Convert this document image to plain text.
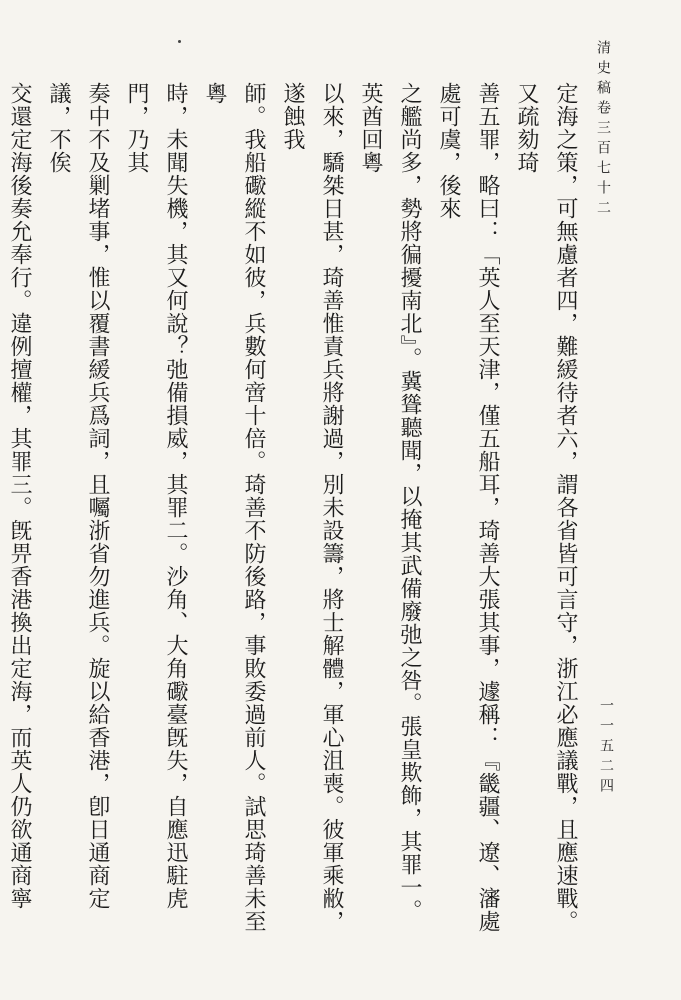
清史稿卷三百七十二
一一五二四
定海之策，可無慮者四，難緩待者六，謂各省皆可言守，浙江必應議戰，且應速戰。又疏劾琦
善五罪，略曰：「英人至天津，僅五船耳，琦善大張其事，遽稱：『畿疆、遼、瀋處處可虞，後來
之艦尚多，勢將徧擾南北』。冀聳聽聞，以掩其武備廢弛之咎。張皇欺飾，其罪一。英酋回粵
以來，驕桀日甚，琦善惟責兵將謝過，別未設籌，將士解體，軍心沮喪。彼軍乘敝，遂蝕我
師。我船礮縱不如彼，兵數何啻十倍。琦善不防後路，事敗委過前人。試思琦善未至粵
時，未聞失機，其又何說？弛備損威，其罪二。沙角、大角礮臺旣失，自應迅駐虎門，乃其
奏中不及剿堵事，惟以覆書緩兵爲詞，且囑浙省勿進兵。旋以給香港，卽日通商定議，不俟
交還定海後奏允奉行。違例擅權，其罪三。旣畀香港換出定海，而英人仍欲通商寧
